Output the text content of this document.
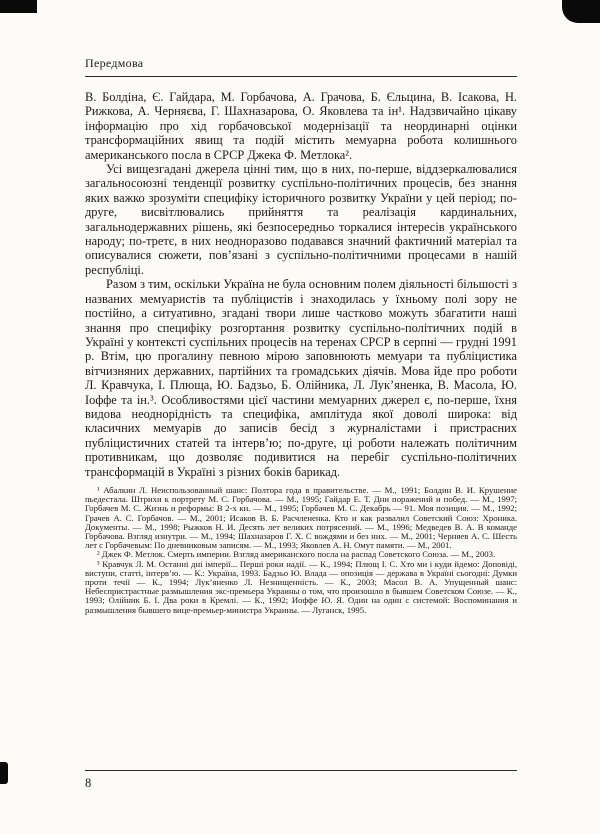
Передмова

В. Болдіна, Є. Гайдара, М. Горбачова, А. Грачова, Б. Єльцина, В. Ісакова, Н. Рижкова, А. Черняєва, Г. Шахназарова, О. Яковлева та ін¹. Надзвичайно цікаву інформацію про хід горбачовської модернізації та неординарні оцінки трансформаційних явищ та подій містить мемуарна робота колишнього американського посла в СРСР Джека Ф. Метлока².

Усі вищезгадані джерела цінні тим, що в них, по-перше, віддзеркалювалися загальносоюзні тенденції розвитку суспільно-політичних процесів, без знання яких важко зрозуміти специфіку історичного розвитку України у цей період; по-друге, висвітлювались прийняття та реалізація кардинальних, загальнодержавних рішень, які безпосередньо торкалися інтересів українського народу; по-третє, в них неодноразово подавався значний фактичний матеріал та описувалися сюжети, пов’язані з суспільно-політичними процесами в нашій республіці.

Разом з тим, оскільки Україна не була основним полем діяльності більшості з названих мемуаристів та публіцистів і знаходилась у їхньому полі зору не постійно, а ситуативно, згадані твори лише частково можуть збагатити наші знання про специфіку розгортання розвитку суспільно-політичних подій в Україні у контексті суспільних процесів на теренах СРСР в серпні — грудні 1991 р. Втім, цю прогалину певною мірою заповнюють мемуари та публіцистика вітчизняних державних, партійних та громадських діячів. Мова йде про роботи Л. Кравчука, І. Плюща, Ю. Бадзьо, Б. Олійника, Л. Лук’яненка, В. Масола, Ю. Іоффе та ін.³. Особливостями цієї частини мемуарних джерел є, по-перше, їхня видова неоднорідність та специфіка, амплітуда якої доволі широка: від класичних мемуарів до записів бесід з журналістами і пристрасних публіцистичних статей та інтерв’ю; по-друге, ці роботи належать політичним противникам, що дозволяє подивитися на перебіг суспільно-політичних трансформацій в Україні з різних боків барикад.

¹ Абалкин Л. Неиспользованный шанс: Полтора года в правительстве. — М., 1991; Болдин В. И. Крушение пьедестала. Штрихи к портрету М. С. Горбачова. — М., 1995; Гайдар Е. Т. Дни поражений и побед. — М., 1997; Горбачев М. С. Жизнь и реформы: В 2-х кн. — М., 1995; Горбачев М. С. Декабрь — 91. Моя позиция. — М., 1992; Грачев А. С. Горбачов. — М., 2001; Исаков В. Б. Расчлененка. Кто и как развалил Советский Союз: Хроника. Документы. — М., 1998; Рыжков Н. И. Десять лет великих потрясений. — М., 1996; Медведев В. А. В команде Горбачова. Взгляд изнутри. — М., 1994; Шахназаров Г. Х. С вождями и без них. — М., 2001; Черняев А. С. Шесть лет с Горбачевым: По дневниковым записям. — М., 1993; Яковлев А. Н. Омут памяти. — М., 2001.

² Джек Ф. Метлок. Смерть империи. Взгляд американского посла на распад Советского Союза. — М., 2003.

³ Кравчук Л. М. Останні дні імперії... Перші роки надії. — К., 1994; Плющ І. С. Хто ми і куди йдемо: Доповіді, виступи, статті, інтерв’ю. — К.: Україна, 1993. Бадзьо Ю. Влада — опозиція — держава в Україні сьогодні: Думки проти течії — К., 1994; Лук’яненко Л. Незнищенність. — К., 2003; Масол В. А. Упущенный шанс: Небеспристрастные размышления экс-премьера Украины о том, что произошло в бывшем Советском Союзе. — К., 1993; Олійник Б. І. Два роки в Кремлі. — К., 1992; Иоффе Ю. Я. Один на один с системой: Воспоминания и размышления бывшего вице-премьер-министра Украины. — Луганск, 1995.

8
